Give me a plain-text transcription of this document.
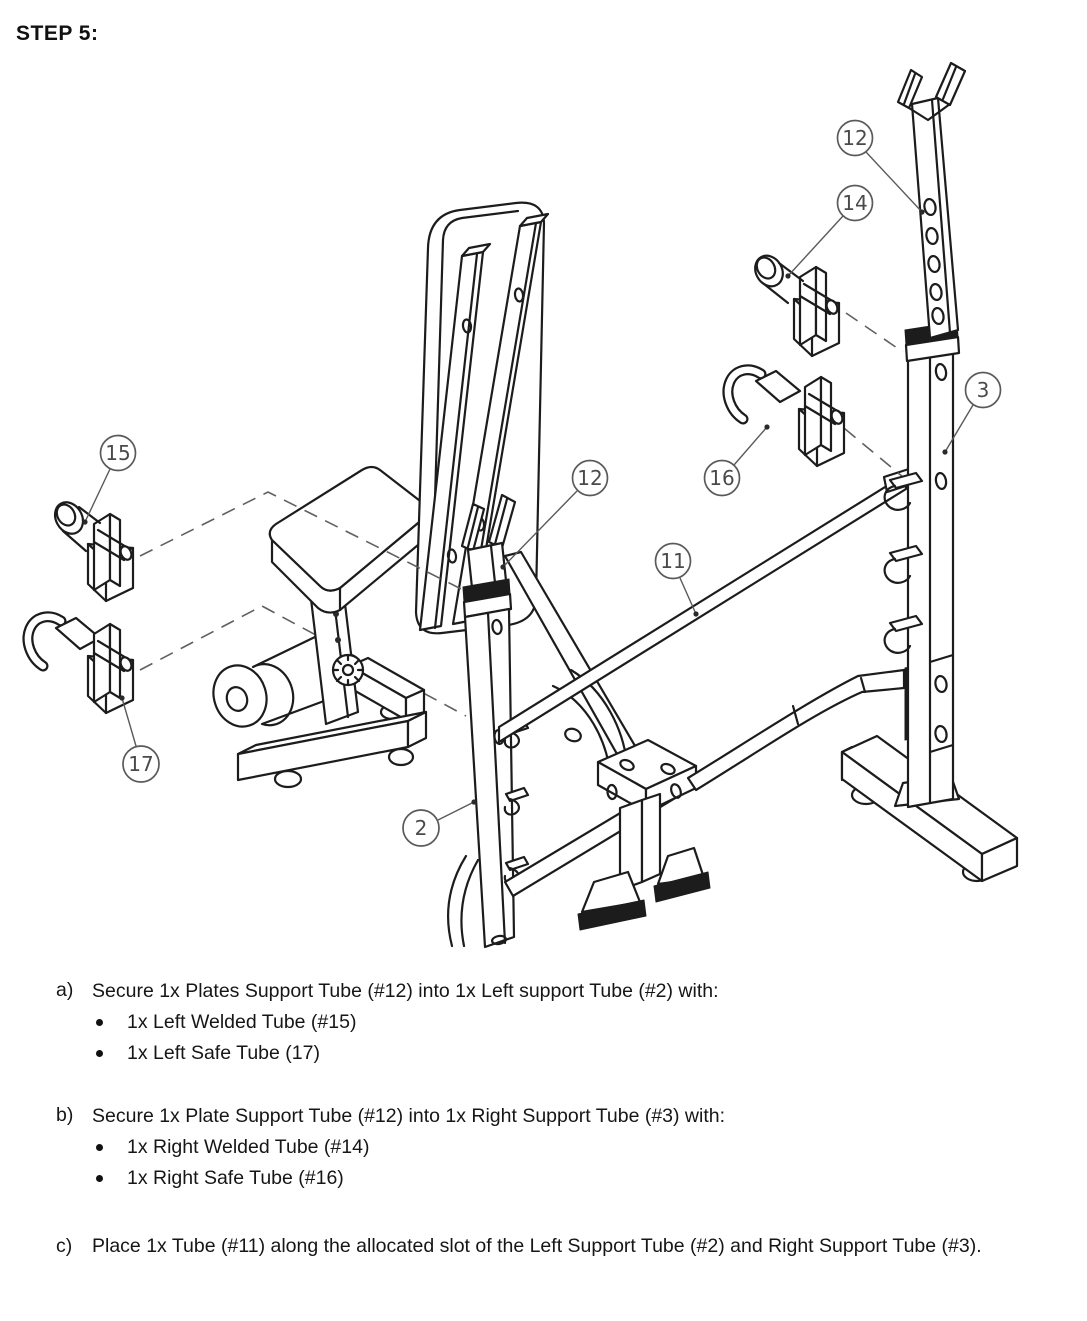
STEP 5:
12
14
3
15
12	16
11
17
2
a) Secure 1x Plates Support Tube (#12) into 1x Left support Tube (#2) with:
1x Left Welded Tube (#15)
1x Left Safe Tube (17)
b) Secure 1x Plate Support Tube (#12) into 1x Right Support Tube (#3) with:
1x Right Welded Tube (#14)
1x Right Safe Tube (#16)
c)	Place 1x Tube (#11) along the allocated slot of the Left Support Tube (#2) and Right Support Tube (#3).
